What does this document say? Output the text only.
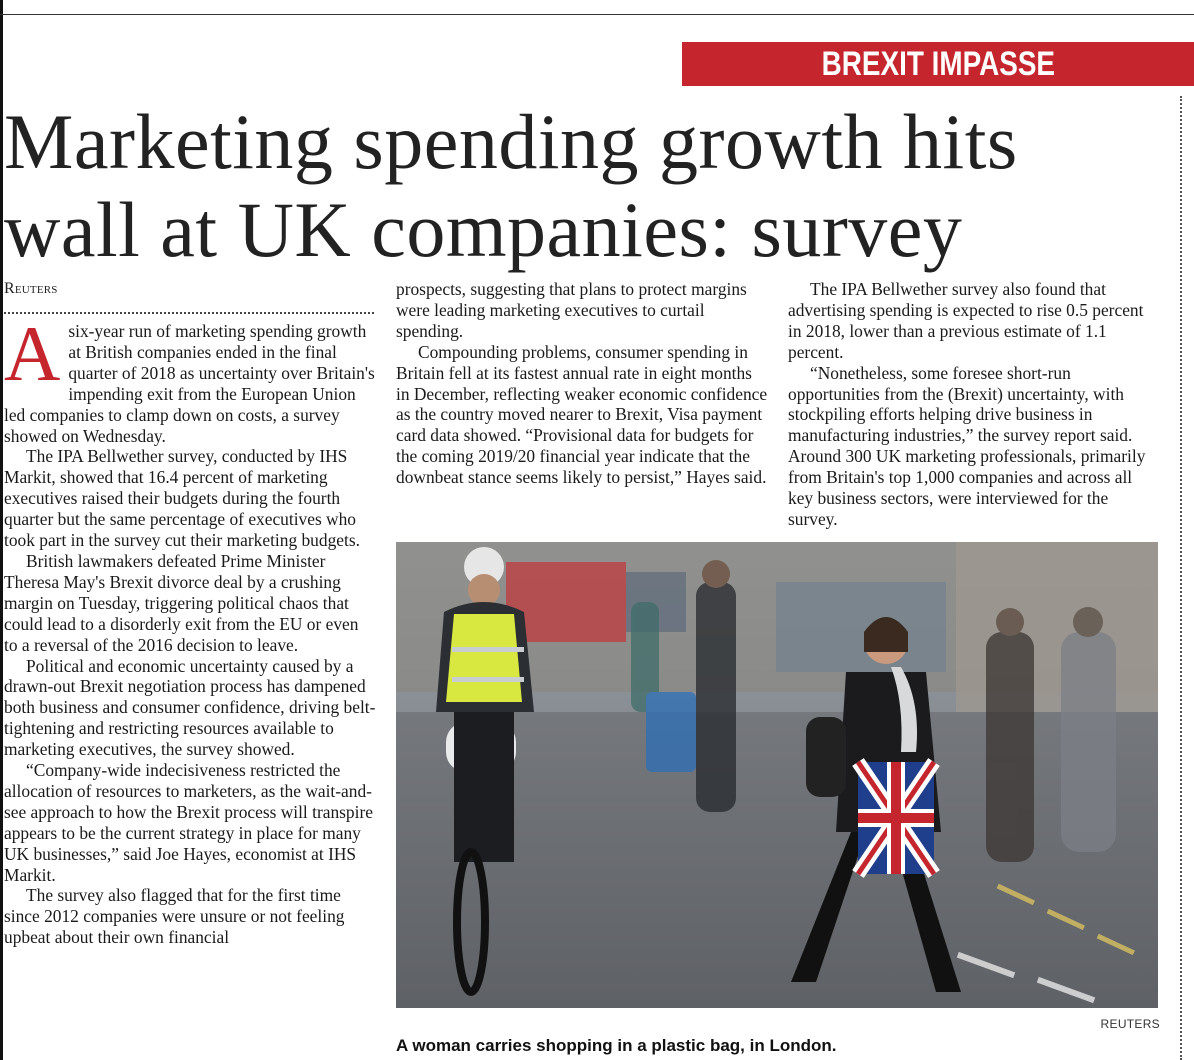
BREXIT IMPASSE
Marketing spending growth hits wall at UK companies: survey
Reuters

Asix-year run of marketing spending growth at British companies ended in the final quarter of 2018 as uncertainty over Britain's impending exit from the European Union led companies to clamp down on costs, a survey showed on Wednesday.

The IPA Bellwether survey, conducted by IHS Markit, showed that 16.4 percent of marketing executives raised their budgets during the fourth quarter but the same percentage of executives who took part in the survey cut their marketing budgets.

British lawmakers defeated Prime Minister Theresa May's Brexit divorce deal by a crushing margin on Tuesday, triggering political chaos that could lead to a disorderly exit from the EU or even to a reversal of the 2016 decision to leave.

Political and economic uncertainty caused by a drawn-out Brexit negotiation process has dampened both business and consumer confidence, driving belt-tightening and restricting resources available to marketing executives, the survey showed.

“Company-wide indecisiveness restricted the allocation of resources to marketers, as the wait-and-see approach to how the Brexit process will transpire appears to be the current strategy in place for many UK businesses,” said Joe Hayes, economist at IHS Markit.

The survey also flagged that for the first time since 2012 companies were unsure or not feeling upbeat about their own financial

prospects, suggesting that plans to protect margins were leading marketing executives to curtail spending.

Compounding problems, consumer spending in Britain fell at its fastest annual rate in eight months in December, reflecting weaker economic confidence as the country moved nearer to Brexit, Visa payment card data showed. “Provisional data for budgets for the coming 2019/20 financial year indicate that the downbeat stance seems likely to persist,” Hayes said.

The IPA Bellwether survey also found that advertising spending is expected to rise 0.5 percent in 2018, lower than a previous estimate of 1.1 percent.

“Nonetheless, some foresee short-run opportunities from the (Brexit) uncertainty, with stockpiling efforts helping drive business in manufacturing industries,” the survey report said. Around 300 UK marketing professionals, primarily from Britain's top 1,000 companies and across all key business sectors, were interviewed for the survey.

REUTERS
A woman carries shopping in a plastic bag, in London.
